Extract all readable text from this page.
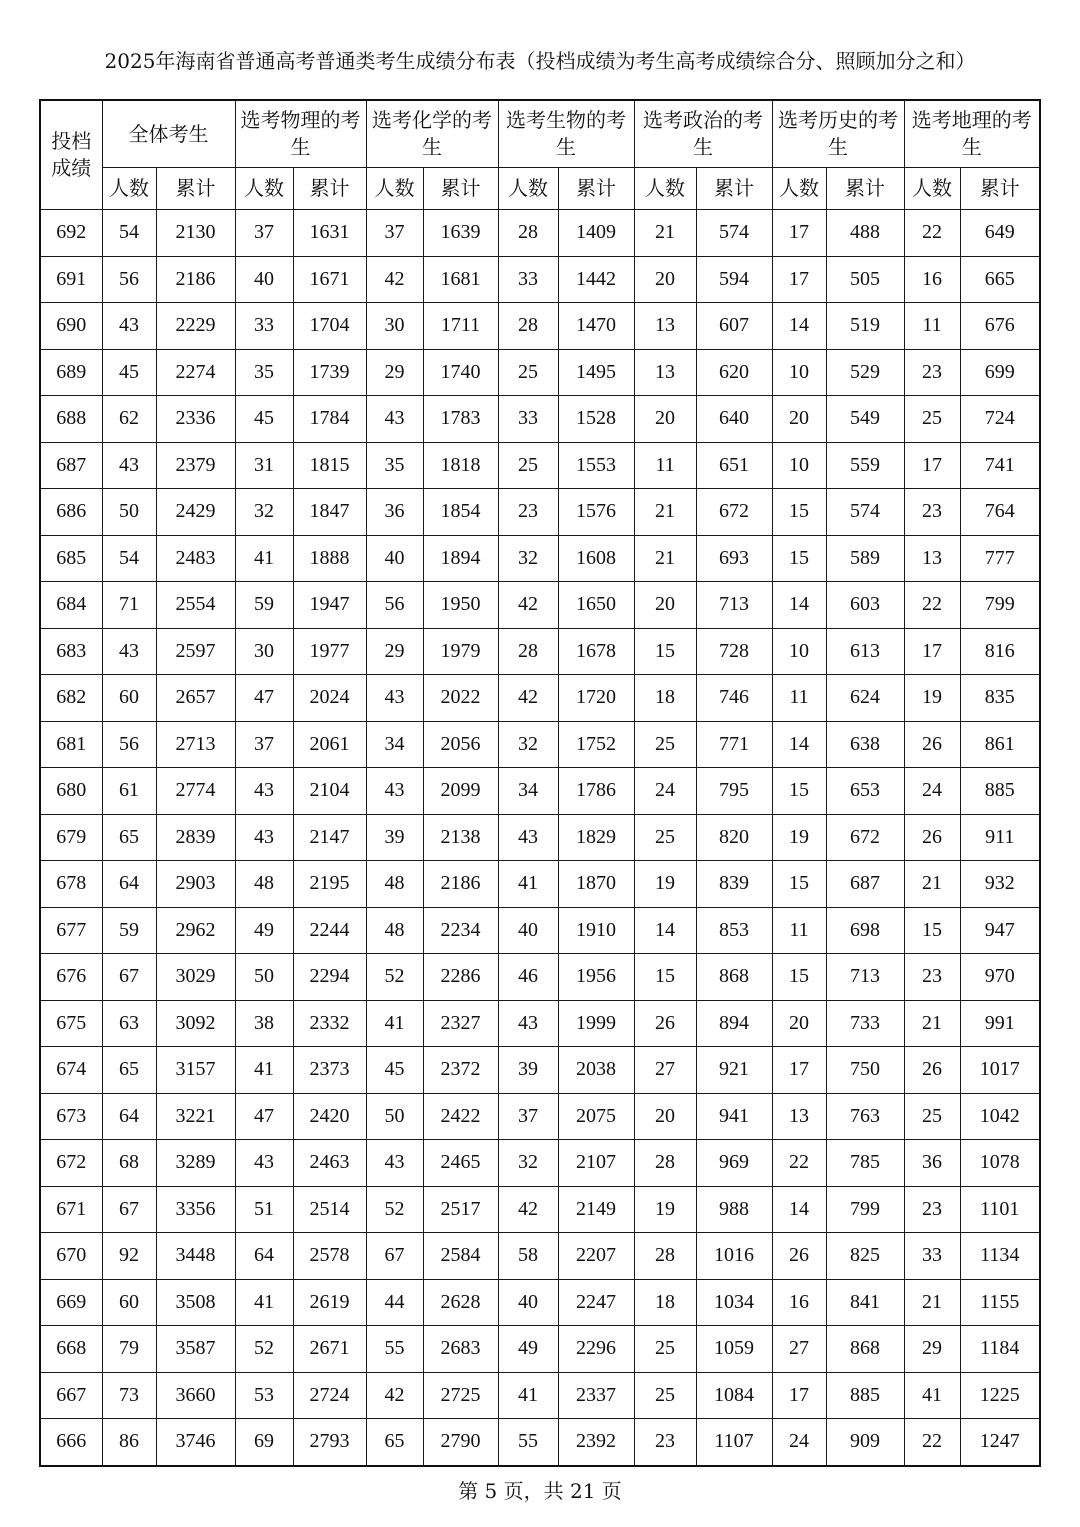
2025年海南省普通高考普通类考生成绩分布表（投档成绩为考生高考成绩综合分、照顾加分之和）
投档成绩	全体考生		选考物理的考生		选考化学的考生		选考生物的考生		选考政治的考生		选考历史的考生		选考地理的考生	
	人数	累计	人数	累计	人数	累计	人数	累计	人数	累计	人数	累计	人数	累计
692	54	2130	37	1631	37	1639	28	1409	21	574	17	488	22	649
691	56	2186	40	1671	42	1681	33	1442	20	594	17	505	16	665
690	43	2229	33	1704	30	1711	28	1470	13	607	14	519	11	676
689	45	2274	35	1739	29	1740	25	1495	13	620	10	529	23	699
688	62	2336	45	1784	43	1783	33	1528	20	640	20	549	25	724
687	43	2379	31	1815	35	1818	25	1553	11	651	10	559	17	741
686	50	2429	32	1847	36	1854	23	1576	21	672	15	574	23	764
685	54	2483	41	1888	40	1894	32	1608	21	693	15	589	13	777
684	71	2554	59	1947	56	1950	42	1650	20	713	14	603	22	799
683	43	2597	30	1977	29	1979	28	1678	15	728	10	613	17	816
682	60	2657	47	2024	43	2022	42	1720	18	746	11	624	19	835
681	56	2713	37	2061	34	2056	32	1752	25	771	14	638	26	861
680	61	2774	43	2104	43	2099	34	1786	24	795	15	653	24	885
679	65	2839	43	2147	39	2138	43	1829	25	820	19	672	26	911
678	64	2903	48	2195	48	2186	41	1870	19	839	15	687	21	932
677	59	2962	49	2244	48	2234	40	1910	14	853	11	698	15	947
676	67	3029	50	2294	52	2286	46	1956	15	868	15	713	23	970
675	63	3092	38	2332	41	2327	43	1999	26	894	20	733	21	991
674	65	3157	41	2373	45	2372	39	2038	27	921	17	750	26	1017
673	64	3221	47	2420	50	2422	37	2075	20	941	13	763	25	1042
672	68	3289	43	2463	43	2465	32	2107	28	969	22	785	36	1078
671	67	3356	51	2514	52	2517	42	2149	19	988	14	799	23	1101
670	92	3448	64	2578	67	2584	58	2207	28	1016	26	825	33	1134
669	60	3508	41	2619	44	2628	40	2247	18	1034	16	841	21	1155
668	79	3587	52	2671	55	2683	49	2296	25	1059	27	868	29	1184
667	73	3660	53	2724	42	2725	41	2337	25	1084	17	885	41	1225
666	86	3746	69	2793	65	2790	55	2392	23	1107	24	909	22	1247
第 5 页，共 21 页
